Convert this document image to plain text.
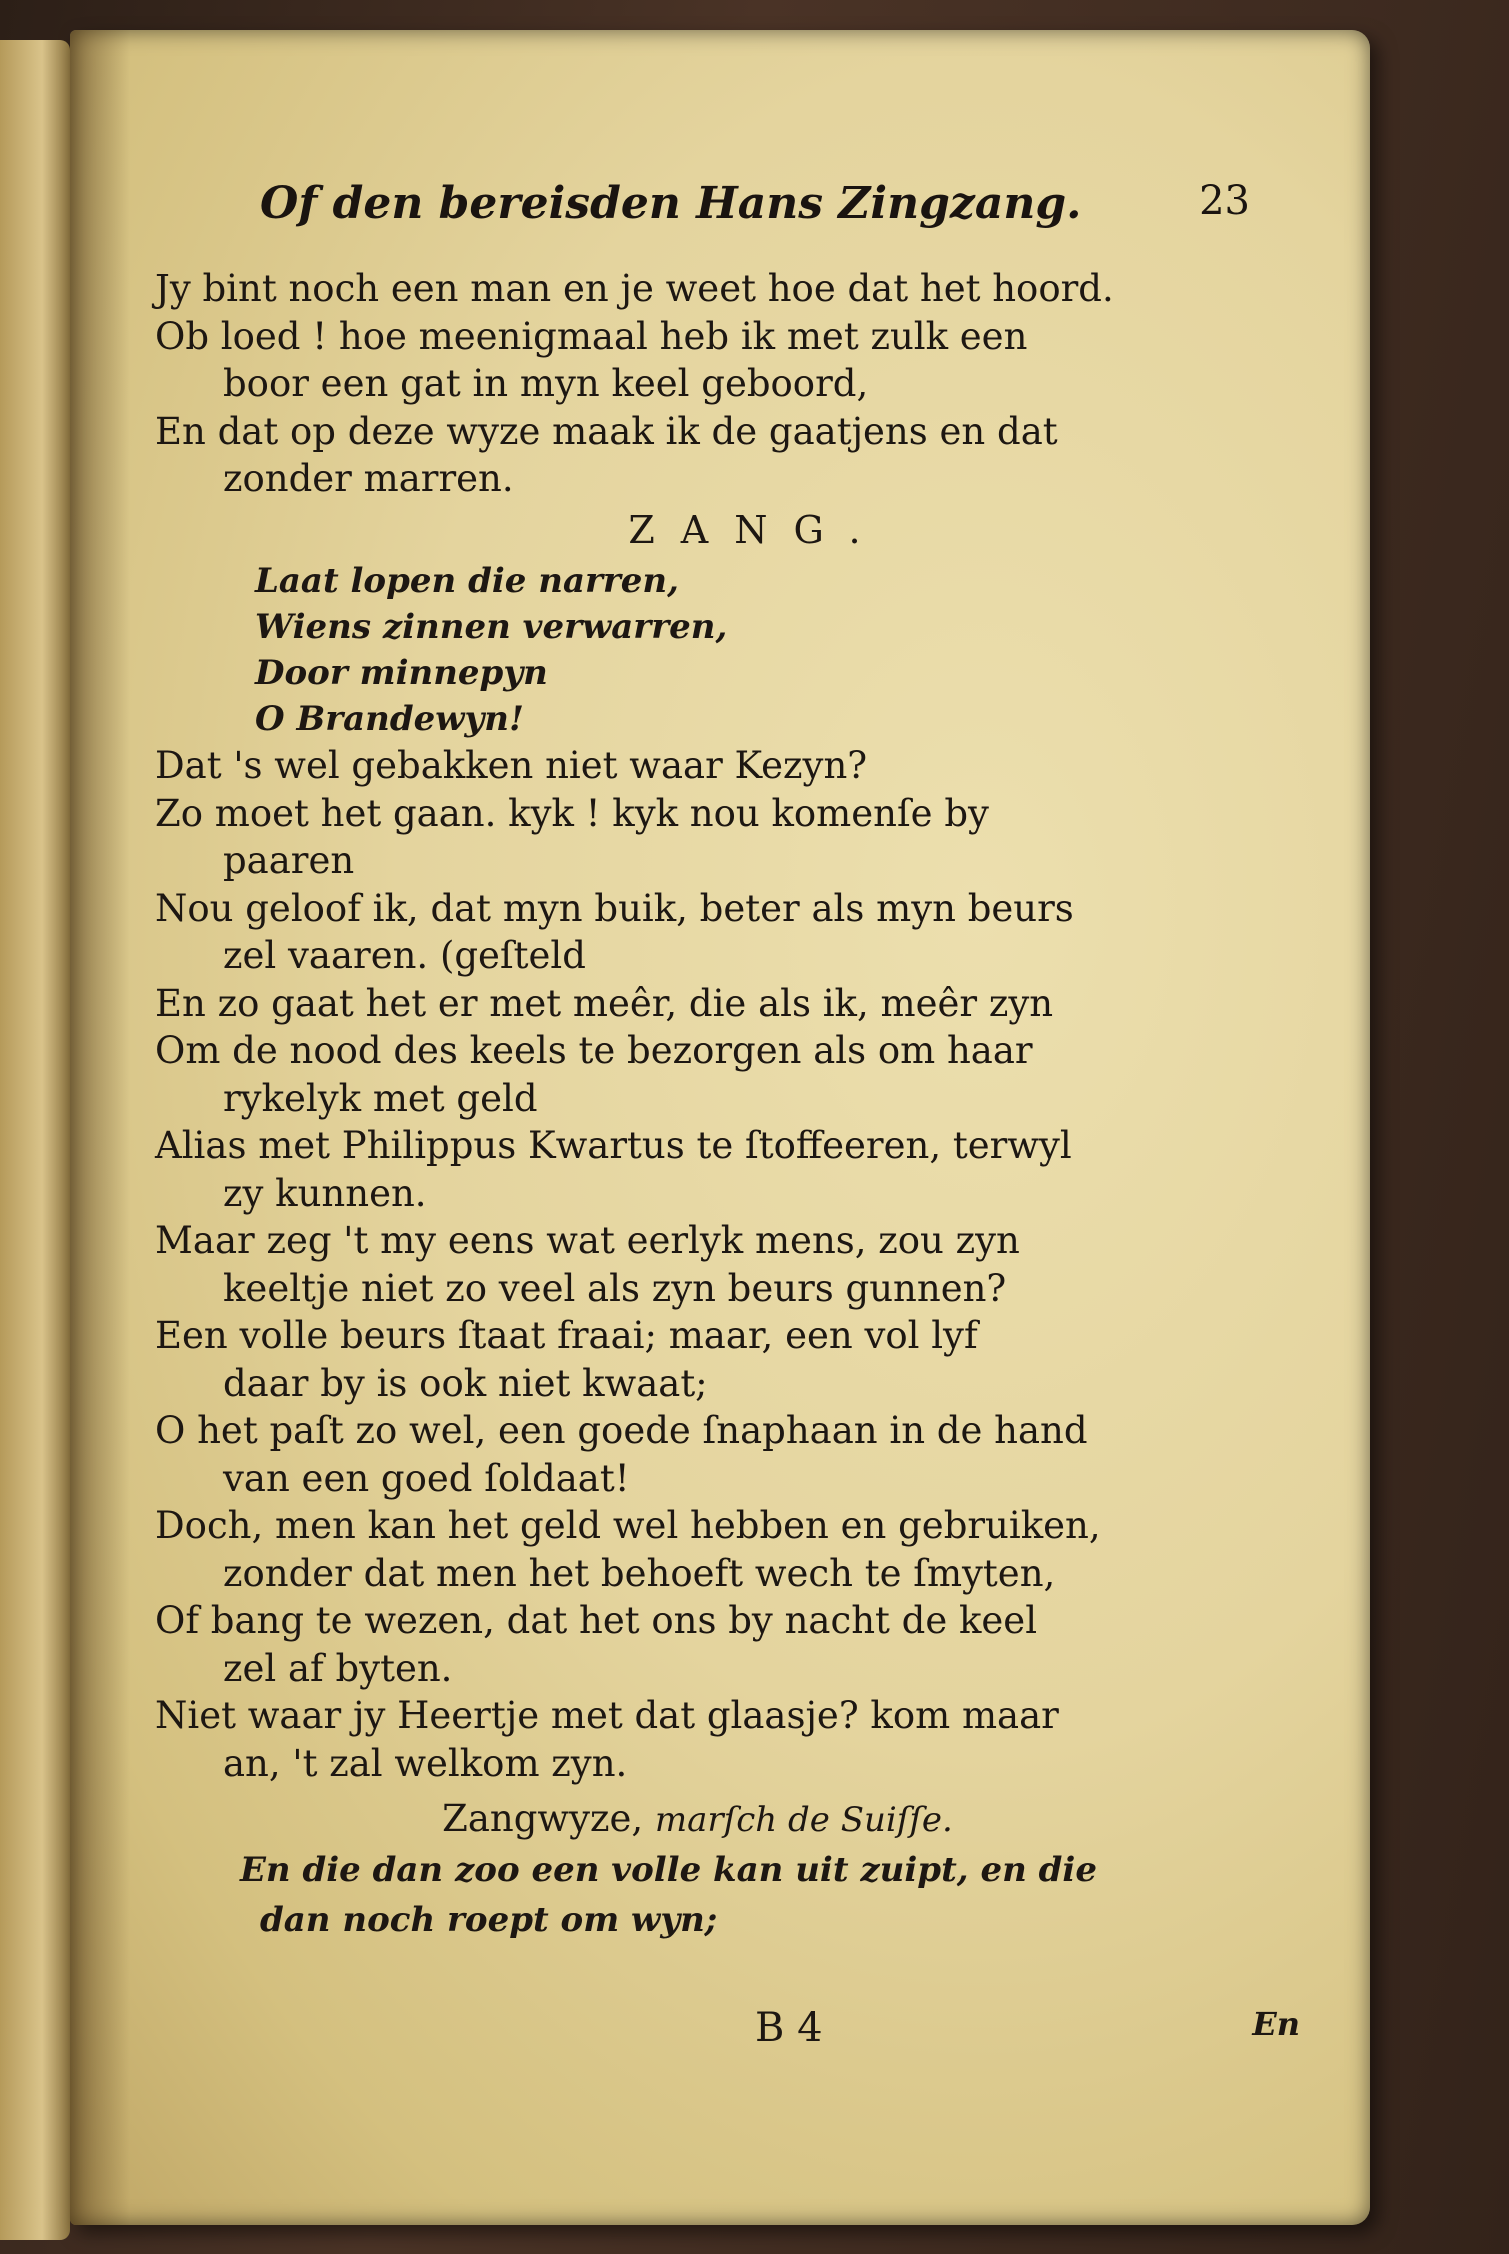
Of den bereisden Hans Zingzang.	23
Jy bint noch een man en je weet hoe dat het hoord.
Ob loed ! hoe meenigmaal heb ik met zulk een
boor een gat in myn keel geboord,
En dat op deze wyze maak ik de gaatjens en dat
zonder marren.
ZANG.
Laat lopen die narren,
Wiens zinnen verwarren,
Door minnepyn
O Brandewyn!
Dat 's wel gebakken niet waar Kezyn?
Zo moet het gaan. kyk ! kyk nou komenſe by
paaren
Nou geloof ik, dat myn buik, beter als myn beurs
zel vaaren. (geſteld
En zo gaat het er met meêr, die als ik, meêr zyn
Om de nood des keels te bezorgen als om haar
rykelyk met geld
Alias met Philippus Kwartus te ſtoffeeren, terwyl
zy kunnen.
Maar zeg 't my eens wat eerlyk mens, zou zyn
keeltje niet zo veel als zyn beurs gunnen?
Een volle beurs ſtaat fraai; maar, een vol lyf
daar by is ook niet kwaat;
O het paſt zo wel, een goede ſnaphaan in de hand
van een goed ſoldaat!
Doch, men kan het geld wel hebben en gebruiken,
zonder dat men het behoeft wech te ſmyten,
Of bang te wezen, dat het ons by nacht de keel
zel af byten.
Niet waar jy Heertje met dat glaasje? kom maar
an, 't zal welkom zyn.
Zangwyze, marſch de Suiſſe.
En die dan zoo een volle kan uit zuipt, en die
dan noch roept om wyn;
B 4	En
